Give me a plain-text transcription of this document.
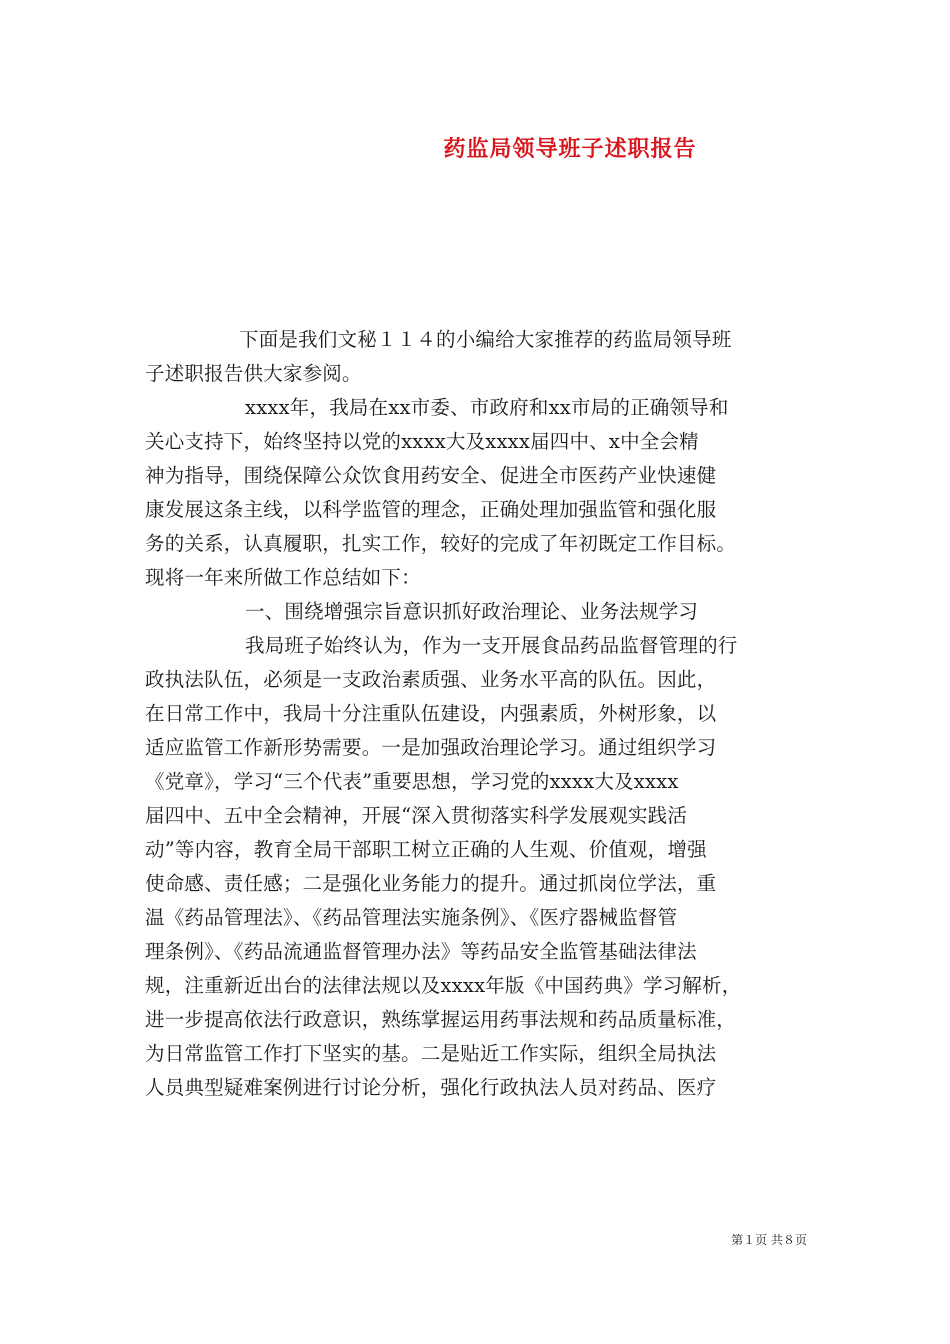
药监局领导班子述职报告
下面是我们文秘１１４的小编给大家推荐的药监局领导班
子述职报告供大家参阅。
xxxx年，我局在xx市委、市政府和xx市局的正确领导和
关心支持下，始终坚持以党的xxxx大及xxxx届四中、x中全会精
神为指导，围绕保障公众饮食用药安全、促进全市医药产业快速健
康发展这条主线，以科学监管的理念，正确处理加强监管和强化服
务的关系，认真履职，扎实工作，较好的完成了年初既定工作目标。
现将一年来所做工作总结如下：
一、围绕增强宗旨意识抓好政治理论、业务法规学习
我局班子始终认为，作为一支开展食品药品监督管理的行
政执法队伍，必须是一支政治素质强、业务水平高的队伍。因此，
在日常工作中，我局十分注重队伍建设，内强素质，外树形象，以
适应监管工作新形势需要。一是加强政治理论学习。通过组织学习
《党章》，学习“三个代表”重要思想，学习党的xxxx大及xxxx
届四中、五中全会精神，开展“深入贯彻落实科学发展观实践活
动”等内容，教育全局干部职工树立正确的人生观、价值观，增强
使命感、责任感；二是强化业务能力的提升。通过抓岗位学法，重
温《药品管理法》、《药品管理法实施条例》、《医疗器械监督管
理条例》、《药品流通监督管理办法》等药品安全监管基础法律法
规，注重新近出台的法律法规以及xxxx年版《中国药典》学习解析，
进一步提高依法行政意识，熟练掌握运用药事法规和药品质量标准，
为日常监管工作打下坚实的基。二是贴近工作实际，组织全局执法
人员典型疑难案例进行讨论分析，强化行政执法人员对药品、医疗
第１页 共８页
